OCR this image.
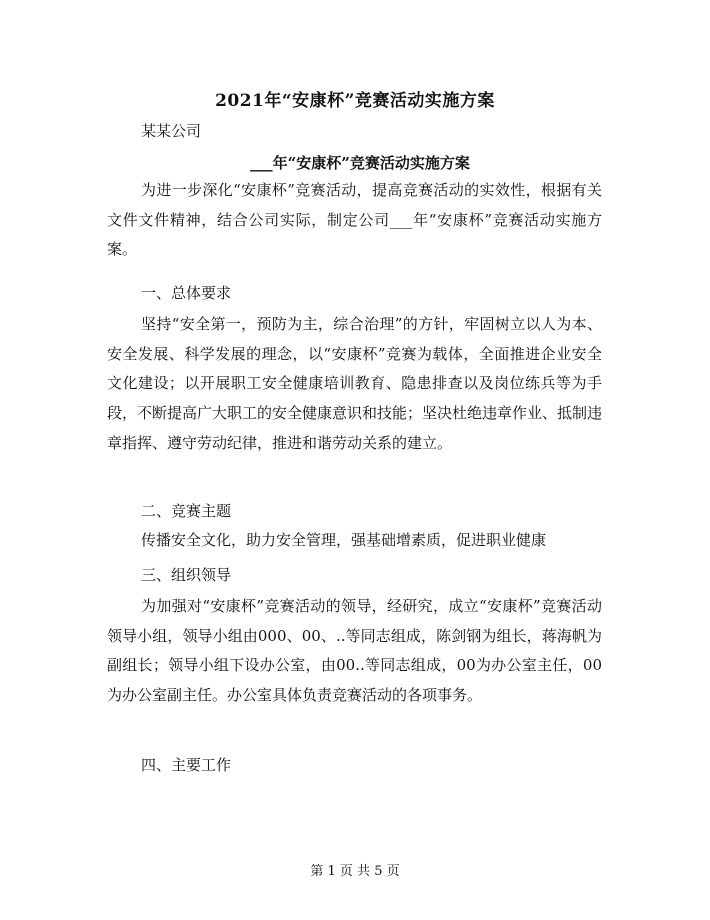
2021年“安康杯”竞赛活动实施方案
某某公司
___年“安康杯”竞赛活动实施方案

为进一步深化“安康杯”竞赛活动，提高竞赛活动的实效性，根据有关文件文件精神，结合公司实际，制定公司___年“安康杯”竞赛活动实施方案。

一、总体要求

坚持“安全第一，预防为主，综合治理”的方针，牢固树立以人为本、安全发展、科学发展的理念，以“安康杯”竞赛为载体，全面推进企业安全文化建设；以开展职工安全健康培训教育、隐患排查以及岗位练兵等为手段，不断提高广大职工的安全健康意识和技能；坚决杜绝违章作业、抵制违章指挥、遵守劳动纪律，推进和谐劳动关系的建立。

二、竞赛主题

传播安全文化，助力安全管理，强基础增素质，促进职业健康

三、组织领导

为加强对“安康杯”竞赛活动的领导，经研究，成立“安康杯”竞赛活动领导小组，领导小组由000、00、..等同志组成，陈剑钢为组长，蒋海帆为副组长；领导小组下设办公室，由00..等同志组成，00为办公室主任，00为办公室副主任。办公室具体负责竞赛活动的各项事务。

四、主要工作

第 1 页 共 5 页
